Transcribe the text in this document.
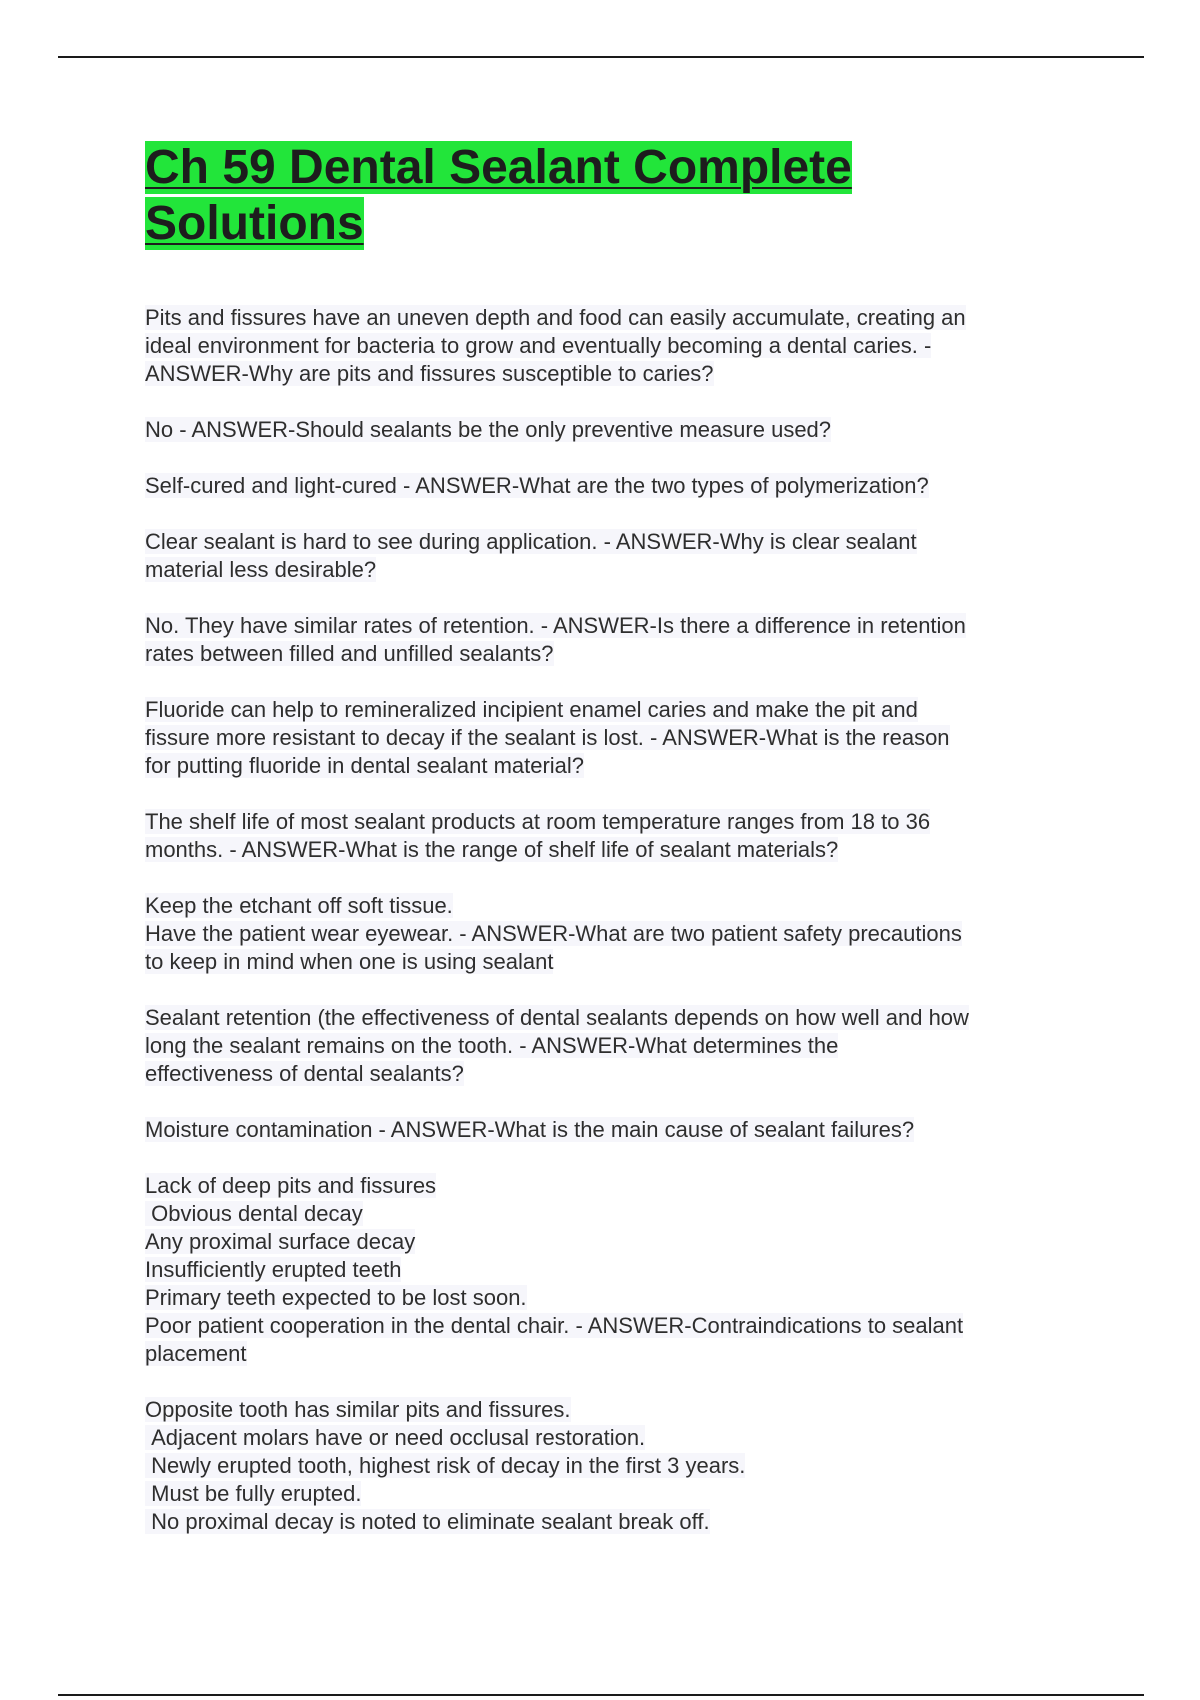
Ch 59 Dental Sealant Complete Solutions

Pits and fissures have an uneven depth and food can easily accumulate, creating an
ideal environment for bacteria to grow and eventually becoming a dental caries. -
ANSWER-Why are pits and fissures susceptible to caries?

No - ANSWER-Should sealants be the only preventive measure used?

Self-cured and light-cured - ANSWER-What are the two types of polymerization?

Clear sealant is hard to see during application. - ANSWER-Why is clear sealant
material less desirable?

No. They have similar rates of retention. - ANSWER-Is there a difference in retention
rates between filled and unfilled sealants?

Fluoride can help to remineralized incipient enamel caries and make the pit and
fissure more resistant to decay if the sealant is lost. - ANSWER-What is the reason
for putting fluoride in dental sealant material?

The shelf life of most sealant products at room temperature ranges from 18 to 36
months. - ANSWER-What is the range of shelf life of sealant materials?

Keep the etchant off soft tissue.
Have the patient wear eyewear. - ANSWER-What are two patient safety precautions
to keep in mind when one is using sealant

Sealant retention (the effectiveness of dental sealants depends on how well and how
long the sealant remains on the tooth. - ANSWER-What determines the
effectiveness of dental sealants?

Moisture contamination - ANSWER-What is the main cause of sealant failures?

Lack of deep pits and fissures
Obvious dental decay
Any proximal surface decay
Insufficiently erupted teeth
Primary teeth expected to be lost soon.
Poor patient cooperation in the dental chair. - ANSWER-Contraindications to sealant
placement

Opposite tooth has similar pits and fissures.
Adjacent molars have or need occlusal restoration.
Newly erupted tooth, highest risk of decay in the first 3 years.
Must be fully erupted.
No proximal decay is noted to eliminate sealant break off.
